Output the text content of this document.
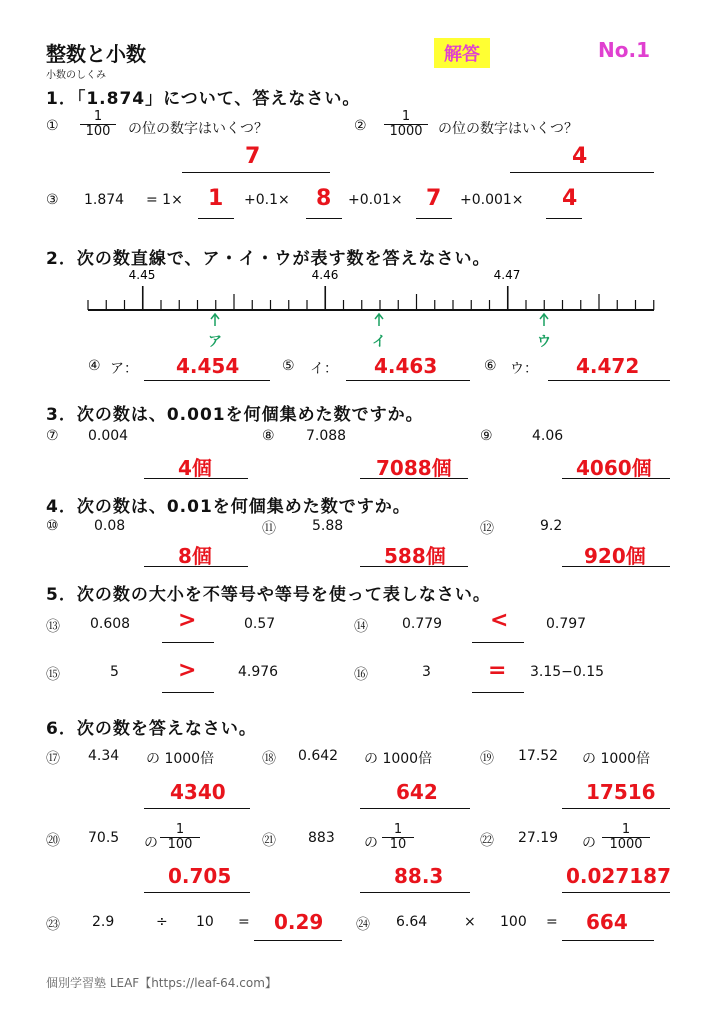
整数と小数
小数のしくみ
解答	No.1
1．「1.874」について、答えなさい。
①
1
100 の位の数字はいくつ？
7
②
1
1000 の位の数字はいくつ？
4
③ 1.874 = 1× 1 +0.1× 8 +0.01× 7 +0.001× 4
2．次の数直線で、ア・イ・ウが表す数を答えなさい。
4.45	4.46	4.47
ア	イ	ウ
④ ア： 4.454	⑤ イ： 4.463	⑥ ウ： 4.472
3．次の数は、0.001を何個集めた数ですか。
⑦ 0.004
4個
⑧ 7.088
7088個
⑨	4.06
4060個
4．次の数は、0.01を何個集めた数ですか。
⑩	0.08
8個
⑪	5.88
588個
⑫	9.2
920個
5．次の数の大小を不等号や等号を使って表しなさい。
⑬ 0.608 >	0.57	⑭ 0.779 <	0.797
⑮	5	>	4.976	⑯	3	= 3.15−0.15
6．次の数を答えなさい。
⑰ 4.34 の 1000倍
4340
⑱ 0.642 の 1000倍
642
⑲ 17.52 の 1000倍
17516
⑳ 70.5 の
1
100
0.705
㉑ 883 の
1
10
88.3
㉒ 27.19 の
1
1000
0.027187
㉓ 2.9	÷ 10 = 0.29 ㉔ 6.64	× 100 = 664
個別学習塾 LEAF【https://leaf-64.com】
